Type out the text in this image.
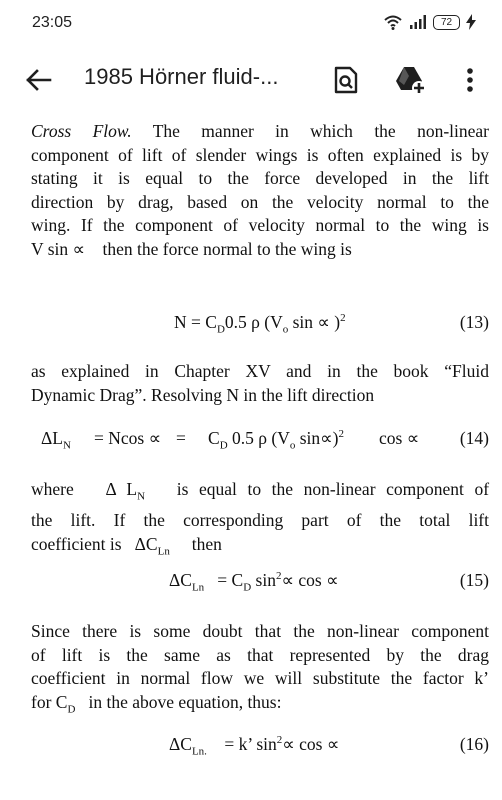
23:05	72
1985 Hörner fluid-...
Cross Flow. The manner in which the non-linear
component of lift of slender wings is often explained is by
stating it is equal to the force developed in the lift
direction by drag, based on the velocity normal to the
wing. If the component of velocity normal to the wing is
V sin ∝ then the force normal to the wing is
$N = C_D0.5$ ρ ($V_o$ sin ∝ )$^2$	(13)
as explained in Chapter XV and in the book “Fluid
Dynamic Drag”. Resolving N in the lift direction
$\Delta L_N = Ncos$ ∝ = $C_D$ 0.5 ρ ($V_o$ sin∝)$^2$ cos ∝ (14)
where Δ $L_N$ is equal to the non-linear component of
the lift. If the corresponding part of the total lift
coefficient is $\Delta C_{Ln}$ then
$\Delta C_{Ln} = C_D$ $\sin^2\propto \cos$ ∝	(15)
Since there is some doubt that the non-linear component
of lift is the same as that represented by the drag
coefficient in normal flow we will substitute the factor k’
for $C_D$ in the above equation, thus:
$\Delta C_{Ln.} = k$’ $\sin^2\propto \cos$ ∝	(16)
